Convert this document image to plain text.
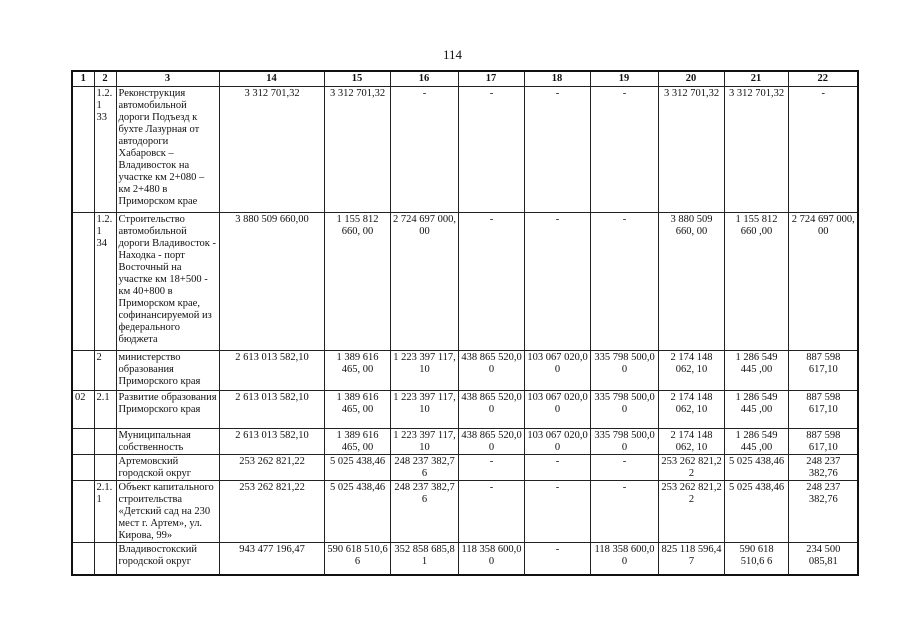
114
1	2	3	14	15	16	17	18	19	20	21	22
	1.2.1 33	Реконструкция автомобильной дороги Подъезд к бухте Лазурная от автодороги Хабаровск – Владивосток на участке км 2+080 – км 2+480 в Приморском крае	3 312 701,32	3 312 701,32	-	-	-	-	3 312 701,32	3 312 701,32	-
	1.2.1 34	Строительство автомобильной дороги Владивосток - Находка - порт Восточный на участке км 18+500 - км 40+800 в Приморском крае, софинансируемой из федерального бюджета	3 880 509 660,00	1 155 812 660, 00	2 724 697 000, 00	-	-	-	3 880 509 660, 00	1 155 812 660 ,00	2 724 697 000, 00
	2	министерство образования Приморского края	2 613 013 582,10	1 389 616 465, 00	1 223 397 117, 10	438 865 520,0 0	103 067 020,0 0	335 798 500,0 0	2 174 148 062, 10	1 286 549 445 ,00	887 598 617,10
02	2.1	Развитие образования Приморского края	2 613 013 582,10	1 389 616 465, 00	1 223 397 117, 10	438 865 520,0 0	103 067 020,0 0	335 798 500,0 0	2 174 148 062, 10	1 286 549 445 ,00	887 598 617,10
		Муниципальная собственность	2 613 013 582,10	1 389 616 465, 00	1 223 397 117, 10	438 865 520,0 0	103 067 020,0 0	335 798 500,0 0	2 174 148 062, 10	1 286 549 445 ,00	887 598 617,10
		Артемовский городской округ	253 262 821,22	5 025 438,46	248 237 382,7 6	-	-	-	253 262 821,2 2	5 025 438,46	248 237 382,76
	2.1.1	Объект капитального строительства «Детский сад на 230 мест г. Артем», ул. Кирова, 99»	253 262 821,22	5 025 438,46	248 237 382,7 6	-	-	-	253 262 821,2 2	5 025 438,46	248 237 382,76
		Владивостокский городской округ	943 477 196,47	590 618 510,6 6	352 858 685,8 1	118 358 600,0 0	-	118 358 600,0 0	825 118 596,4 7	590 618 510,6 6	234 500 085,81
